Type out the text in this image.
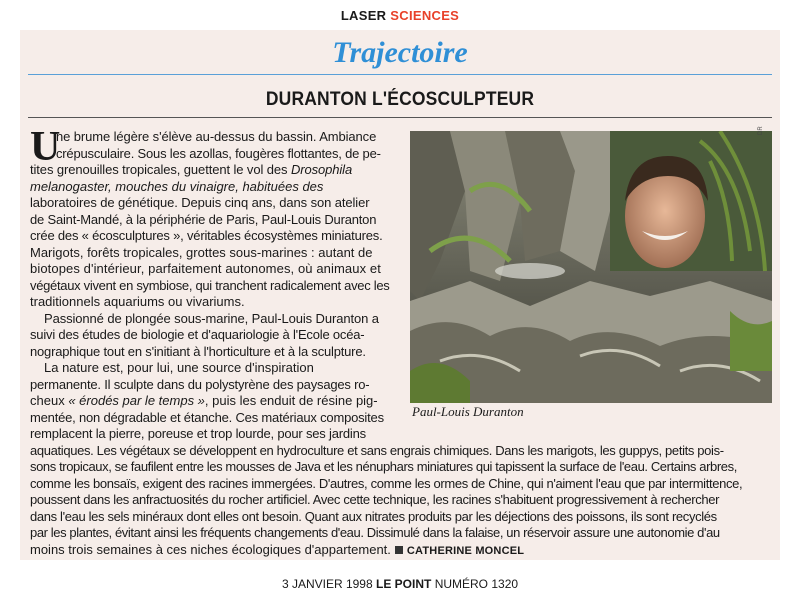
LASER SCIENCES
Trajectoire
DURANTON L'ÉCOSCULPTEUR
U
ne brume légère s'élève au-dessus du bassin. Ambiance
crépusculaire. Sous les azollas, fougères flottantes, de pe-
tites grenouilles tropicales, guettent le vol des Drosophila
melanogaster, mouches du vinaigre, habituées des
laboratoires de génétique. Depuis cinq ans, dans son atelier
de Saint-Mandé, à la périphérie de Paris, Paul-Louis Duranton
crée des « écosculptures », véritables écosystèmes miniatures.
Marigots, forêts tropicales, grottes sous-marines : autant de
biotopes d'intérieur, parfaitement autonomes, où animaux et
végétaux vivent en symbiose, qui tranchent radicalement avec les
traditionnels aquariums ou vivariums.
Passionné de plongée sous-marine, Paul-Louis Duranton a
suivi des études de biologie et d'aquariologie à l'Ecole océa-
nographique tout en s'initiant à l'horticulture et à la sculpture.
La nature est, pour lui, une source d'inspiration
permanente. Il sculpte dans du polystyrène des paysages ro-
cheux « érodés par le temps », puis les enduit de résine pig-
mentée, non dégradable et étanche. Ces matériaux composites
remplacent la pierre, poreuse et trop lourde, pour ses jardins
aquatiques. Les végétaux se développent en hydroculture et sans engrais chimiques. Dans les marigots, les guppys, petits pois-
sons tropicaux, se faufilent entre les mousses de Java et les nénuphars miniatures qui tapissent la surface de l'eau. Certains arbres,
comme les bonsaïs, exigent des racines immergées. D'autres, comme les ormes de Chine, qui n'aiment l'eau que par intermittence,
poussent dans les anfractuosités du rocher artificiel. Avec cette technique, les racines s'habituent progressivement à rechercher
dans l'eau les sels minéraux dont elles ont besoin. Quant aux nitrates produits par les déjections des poissons, ils sont recyclés
par les plantes, évitant ainsi les fréquents changements d'eau. Dissimulé dans la falaise, un réservoir assure une autonomie d'au
moins trois semaines à ces niches écologiques d'appartement. CATHERINE MONCEL
DR
Paul-Louis Duranton
3 JANVIER 1998 LE POINT NUMÉRO 1320
